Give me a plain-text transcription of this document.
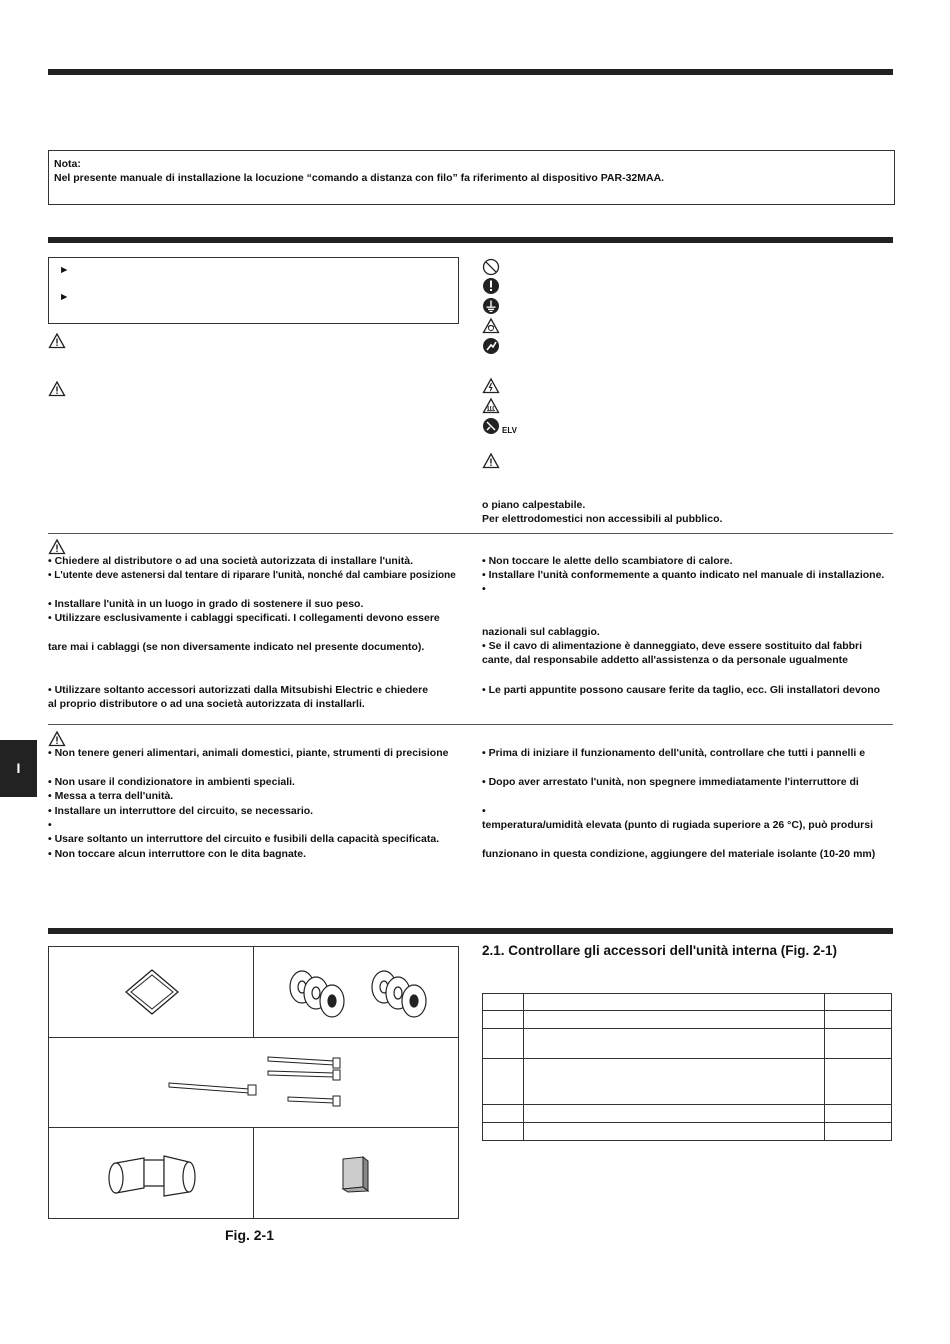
Nota:
Nel presente manuale di installazione la locuzione “comando a distanza con filo” fa riferimento al dispositivo PAR-32MAA.
►
►
ELV
o piano calpestabile.
Per elettrodomestici non accessibili al pubblico.
• Chiedere al distributore o ad una società autorizzata di installare l'unità.
• L'utente deve astenersi dal tentare di riparare l'unità, nonché dal cambiare posizione
• Installare l'unità in un luogo in grado di sostenere il suo peso.
• Utilizzare esclusivamente i cablaggi specificati. I collegamenti devono essere
tare mai i cablaggi (se non diversamente indicato nel presente documento).
• Utilizzare soltanto accessori autorizzati dalla Mitsubishi Electric e chiedere
al proprio distributore o ad una società autorizzata di installarli.
• Non toccare le alette dello scambiatore di calore.
• Installare l'unità conformemente a quanto indicato nel manuale di installazione.
•
nazionali sul cablaggio.
• Se il cavo di alimentazione è danneggiato, deve essere sostituito dal fabbri
cante, dal responsabile addetto all'assistenza o da personale ugualmente
• Le parti appuntite possono causare ferite da taglio, ecc. Gli installatori devono
• Non tenere generi alimentari, animali domestici, piante, strumenti di precisione
• Non usare il condizionatore in ambienti speciali.
• Messa a terra dell'unità.
• Installare un interruttore del circuito, se necessario.
•
• Usare soltanto un interruttore del circuito e fusibili della capacità specificata.
• Non toccare alcun interruttore con le dita bagnate.
• Prima di iniziare il funzionamento dell'unità, controllare che tutti i pannelli e
• Dopo aver arrestato l'unità, non spegnere immediatamente l'interruttore di
•
temperatura/umidità elevata (punto di rugiada superiore a 26 °C), può prodursi
funzionano in questa condizione, aggiungere del materiale isolante (10-20 mm)
I
Fig. 2-1
2.1. Controllare gli accessori dell'unità interna (Fig. 2-1)
